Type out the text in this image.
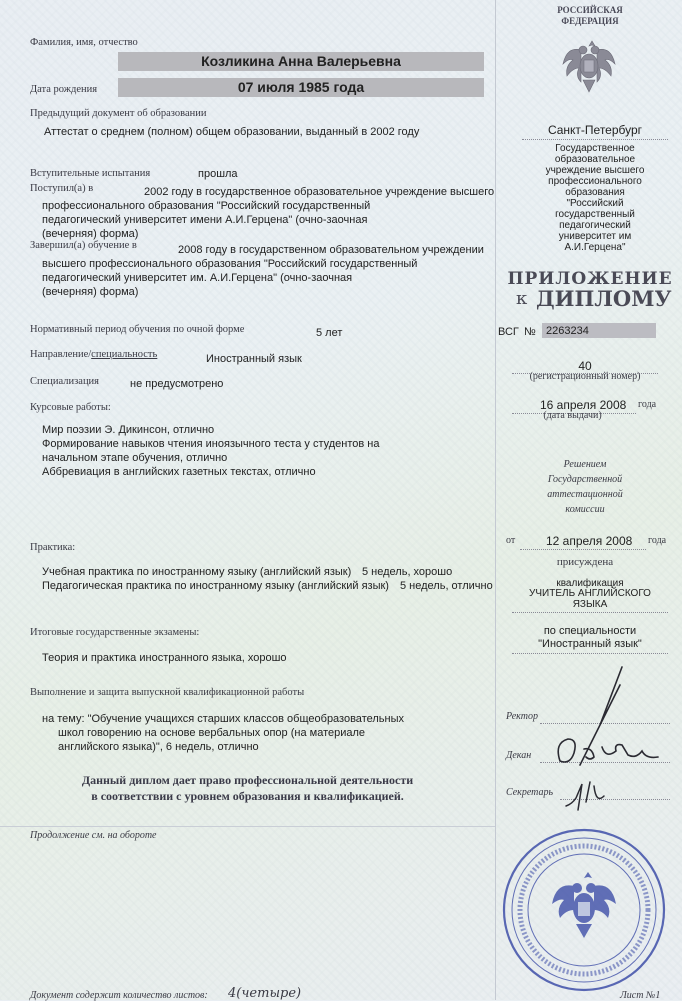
Фамилия, имя, отчество
Козликина Анна Валерьевна
Дата рождения	07 июля 1985 года
Предыдущий документ об образовании
Аттестат о среднем (полном) общем образовании, выданный в 2002 году
Вступительные испытания	прошла
Поступил(а) в	2002 году в государственное образовательное учреждение высшего
профессионального образования "Российский государственный
педагогический университет имени А.И.Герцена" (очно-заочная
(вечерняя) форма)
Завершил(а) обучение в	2008 году в государственном образовательном учреждении
высшего профессионального образования "Российский государственный
педагогический университет им. А.И.Герцена" (очно-заочная
(вечерняя) форма)
Нормативный период обучения по очной форме	5 лет
Направление/специальность	Иностранный язык
Специализация	не предусмотрено
Курсовые работы:
Мир поэзии Э. Дикинсон, отлично
Формирование навыков чтения иноязычного теста у студентов на
начальном этапе обучения, отлично
Аббревиация в английских газетных текстах, отлично
Практика:
Учебная практика по иностранному языку (английский язык) 5 недель, хорошо
Педагогическая практика по иностранному языку (английский язык) 5 недель, отлично
Итоговые государственные экзамены:
Теория и практика иностранного языка, хорошо
Выполнение и защита выпускной квалификационной работы
на тему: "Обучение учащихся старших классов общеобразовательных
школ говорению на основе вербальных опор (на материале
английского языка)", 6 недель, отлично
Данный диплом дает право профессиональной деятельности
в соответствии с уровнем образования и квалификацией.
Продолжение см. на обороте
Документ содержит количество листов: 4(четыре)
РОССИЙСКАЯ
ФЕДЕРАЦИЯ
Санкт-Петербург
Государственное
образовательное
учреждение высшего
профессионального
образования
"Российский
государственный
педагогический
университет им
А.И.Герцена"
ПРИЛОЖЕНИЕ
к ДИПЛОМУ
ВСГ № 2263234
40
(регистрационный номер)
16 апреля 2008 года
(дата выдачи)
Решением
Государственной
аттестационной
комиссии
от	12 апреля 2008 года
присуждена
квалификация
УЧИТЕЛЬ АНГЛИЙСКОГО
ЯЗЫКА
по специальности
"Иностранный язык"
Ректор
Декан
Секретарь
Лист №1
